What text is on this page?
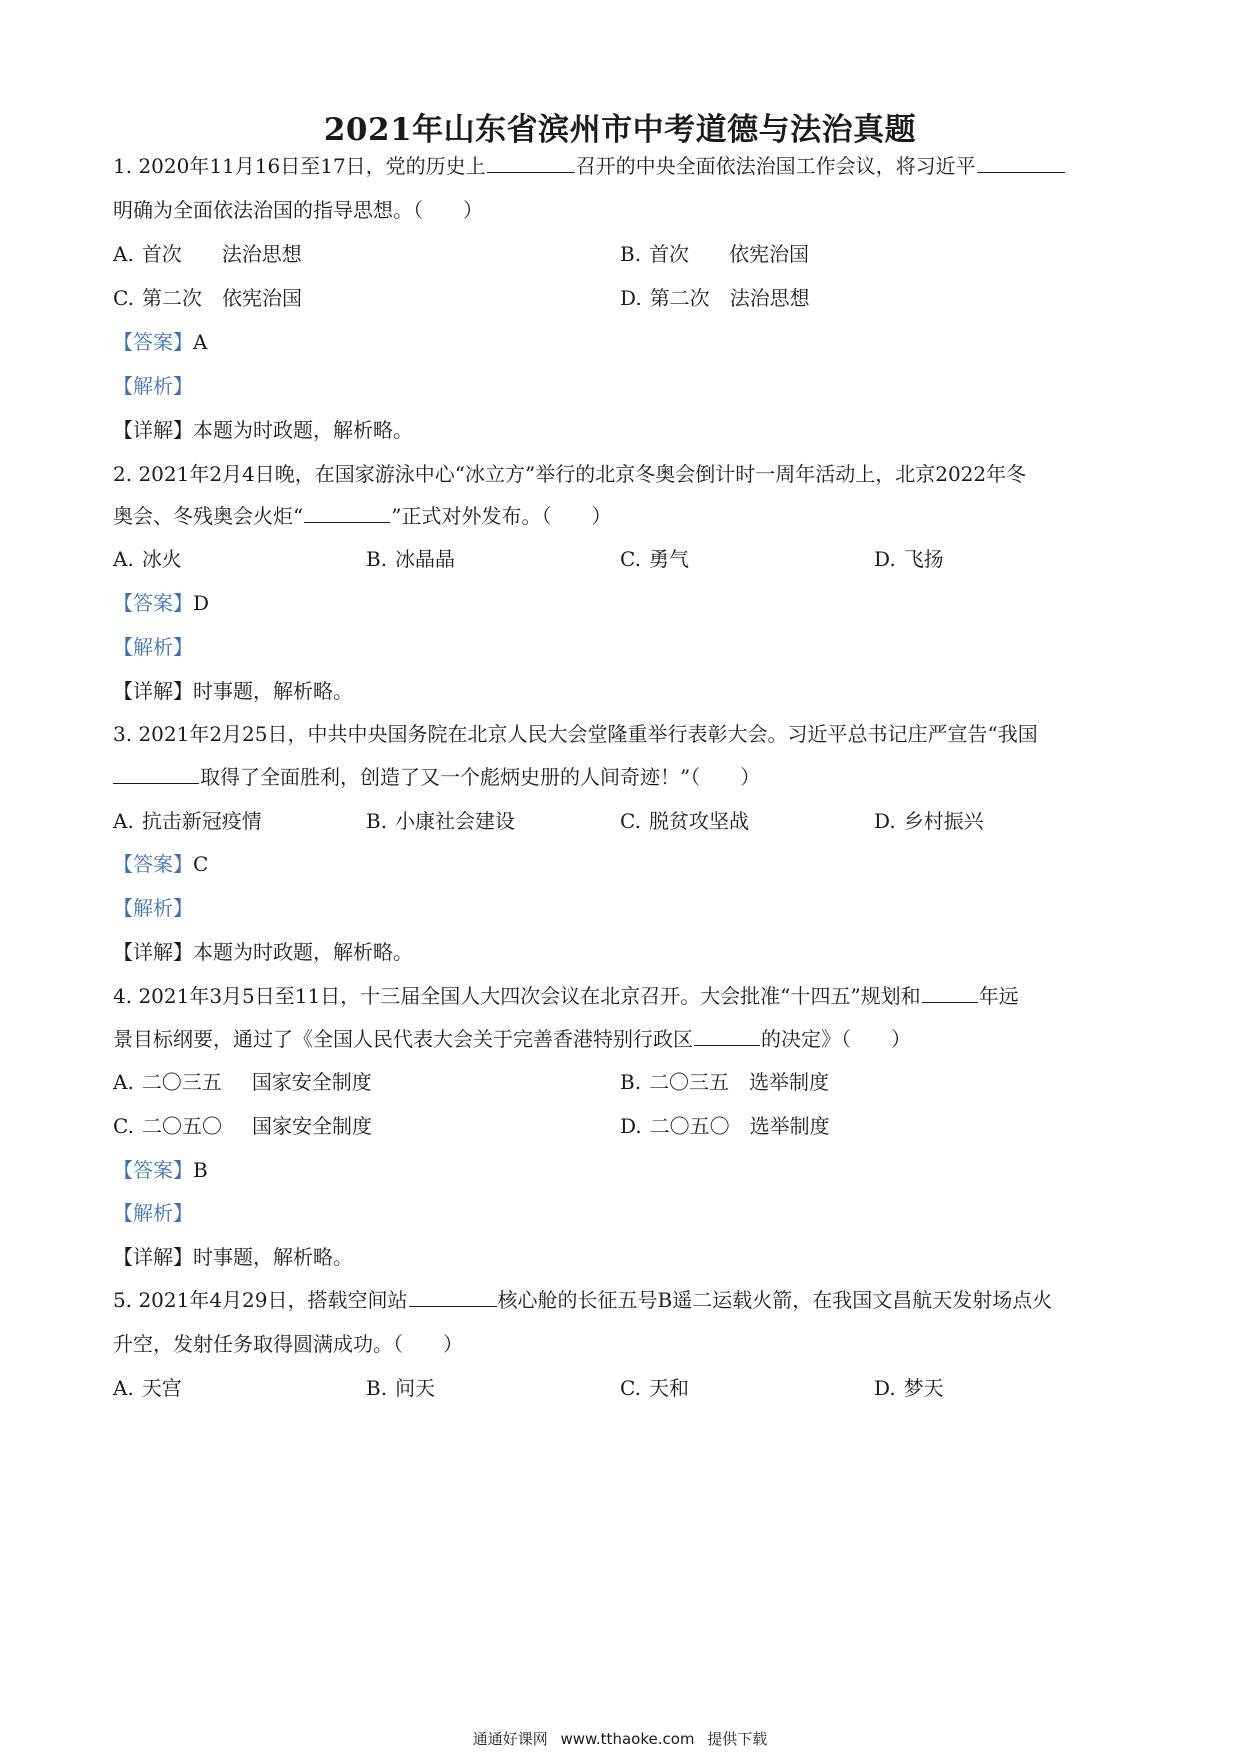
2021年山东省滨州市中考道德与法治真题
1. 2020年11月16日至17日，党的历史上	召开的中央全面依法治国工作会议，将习近平
明确为全面依法治国的指导思想。（　　）
A. 首次 法治思想	B. 首次 依宪治国
C. 第二次 依宪治国	D. 第二次 法治思想
【答案】A
【解析】
【详解】本题为时政题，解析略。
2. 2021年2月4日晚，在国家游泳中心“冰立方”举行的北京冬奥会倒计时一周年活动上，北京2022年冬
奥会、冬残奥会火炬“	”正式对外发布。（　　）
A. 冰火	B. 冰晶晶	C. 勇气	D. 飞扬
【答案】D
【解析】
【详解】时事题，解析略。
3. 2021年2月25日，中共中央国务院在北京人民大会堂隆重举行表彰大会。习近平总书记庄严宣告“我国
取得了全面胜利，创造了又一个彪炳史册的人间奇迹！”（　　）
A. 抗击新冠疫情	B. 小康社会建设	C. 脱贫攻坚战	D. 乡村振兴
【答案】C
【解析】
【详解】本题为时政题，解析略。
4. 2021年3月5日至11日，十三届全国人大四次会议在北京召开。大会批准“十四五”规划和	年远
景目标纲要，通过了《全国人民代表大会关于完善香港特别行政区	的决定》（　　）
A. 二〇三五 国家安全制度	B. 二〇三五 选举制度
C. 二〇五〇 国家安全制度	D. 二〇五〇 选举制度
【答案】B
【解析】
【详解】时事题，解析略。
5. 2021年4月29日，搭载空间站	核心舱的长征五号B遥二运载火箭，在我国文昌航天发射场点火
升空，发射任务取得圆满成功。（　　）
A. 天宫	B. 问天	C. 天和	D. 梦天
通通好课网 www.tthaoke.com 提供下载
